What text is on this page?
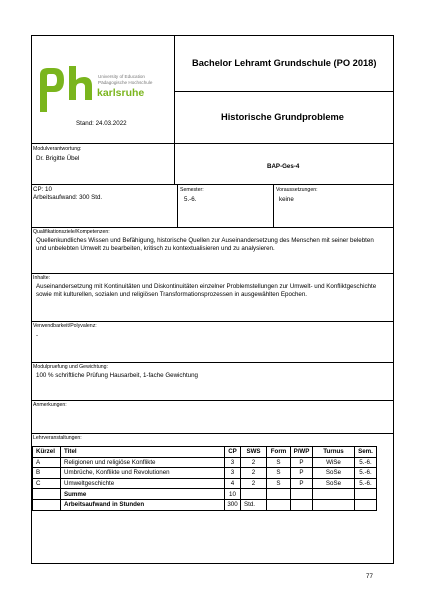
University of Education
Pädagogische Hochschule
karlsruhe
Stand: 24.03.2022
Bachelor Lehramt Grundschule (PO 2018)
Historische Grundprobleme
Modulverantwortung:
Dr. Brigitte Übel
BAP-Ges-4
CP: 10
Arbeitsaufwand: 300 Std.
Semester:
5.-6.
Voraussetzungen:
keine
Qualifikationsziele/Kompetenzen:
Quellenkundliches Wissen und Befähigung, historische Quellen zur Auseinandersetzung des Menschen mit seiner belebten
und unbelebten Umwelt zu bearbeiten, kritisch zu kontextualisieren und zu analysieren.
Inhalte:
Auseinandersetzung mit Kontinuitäten und Diskontinuitäten einzelner Problemstellungen zur Umwelt- und Konfliktgeschichte
sowie mit kulturellen, sozialen und religiösen Transformationsprozessen in ausgewählten Epochen.
Verwendbarkeit/Polyvalenz:
-
Modulpruefung und Gewichtung:
100 % schriftliche Prüfung Hausarbeit, 1-fache Gewichtung
Anmerkungen:
Lehrveranstaltungen:
Kürzel	Titel	CP	SWS	Form	P/WP	Turnus	Sem.
A	Religionen und religiöse Konflikte	3	2	S	P	WiSe	5.-6.
B	Umbrüche, Konflikte und Revolutionen	3	2	S	P	SoSe	5.-6.
C	Umweltgeschichte	4	2	S	P	SoSe	5.-6.
	Summe	10					
	Arbeitsaufwand in Stunden	300	Std.				
77
